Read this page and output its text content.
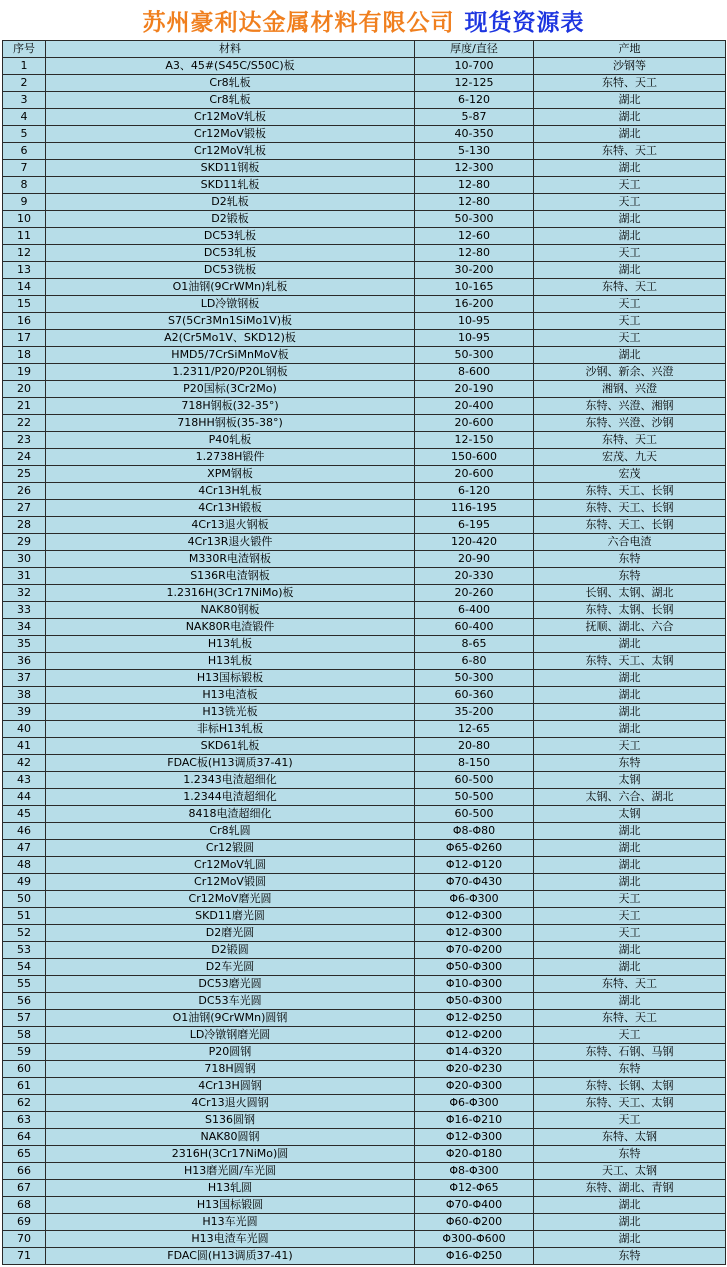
苏州豪利达金属材料有限公司 现货资源表
序号	材料	厚度/直径	产地
1	A3、45#(S45C/S50C)板	10-700	沙钢等
2	Cr8轧板	12-125	东特、天工
3	Cr8轧板	6-120	湖北
4	Cr12MoV轧板	5-87	湖北
5	Cr12MoV锻板	40-350	湖北
6	Cr12MoV轧板	5-130	东特、天工
7	SKD11钢板	12-300	湖北
8	SKD11轧板	12-80	天工
9	D2轧板	12-80	天工
10	D2锻板	50-300	湖北
11	DC53轧板	12-60	湖北
12	DC53轧板	12-80	天工
13	DC53铣板	30-200	湖北
14	O1油钢(9CrWMn)轧板	10-165	东特、天工
15	LD冷镦钢板	16-200	天工
16	S7(5Cr3Mn1SiMo1V)板	10-95	天工
17	A2(Cr5Mo1V、SKD12)板	10-95	天工
18	HMD5/7CrSiMnMoV板	50-300	湖北
19	1.2311/P20/P20L钢板	8-600	沙钢、新余、兴澄
20	P20国标(3Cr2Mo)	20-190	湘钢、兴澄
21	718H钢板(32-35°)	20-400	东特、兴澄、湘钢
22	718HH钢板(35-38°)	20-600	东特、兴澄、沙钢
23	P40轧板	12-150	东特、天工
24	1.2738H锻件	150-600	宏茂、九天
25	XPM钢板	20-600	宏茂
26	4Cr13H轧板	6-120	东特、天工、长钢
27	4Cr13H锻板	116-195	东特、天工、长钢
28	4Cr13退火钢板	6-195	东特、天工、长钢
29	4Cr13R退火锻件	120-420	六合电渣
30	M330R电渣钢板	20-90	东特
31	S136R电渣钢板	20-330	东特
32	1.2316H(3Cr17NiMo)板	20-260	长钢、太钢、湖北
33	NAK80钢板	6-400	东特、太钢、长钢
34	NAK80R电渣锻件	60-400	抚顺、湖北、六合
35	H13轧板	8-65	湖北
36	H13轧板	6-80	东特、天工、太钢
37	H13国标锻板	50-300	湖北
38	H13电渣板	60-360	湖北
39	H13铣光板	35-200	湖北
40	非标H13轧板	12-65	湖北
41	SKD61轧板	20-80	天工
42	FDAC板(H13调质37-41)	8-150	东特
43	1.2343电渣超细化	60-500	太钢
44	1.2344电渣超细化	50-500	太钢、六合、湖北
45	8418电渣超细化	60-500	太钢
46	Cr8轧圆	Φ8-Φ80	湖北
47	Cr12锻圆	Φ65-Φ260	湖北
48	Cr12MoV轧圆	Φ12-Φ120	湖北
49	Cr12MoV锻圆	Φ70-Φ430	湖北
50	Cr12MoV磨光圆	Φ6-Φ300	天工
51	SKD11磨光圆	Φ12-Φ300	天工
52	D2磨光圆	Φ12-Φ300	天工
53	D2锻圆	Φ70-Φ200	湖北
54	D2车光圆	Φ50-Φ300	湖北
55	DC53磨光圆	Φ10-Φ300	东特、天工
56	DC53车光圆	Φ50-Φ300	湖北
57	O1油钢(9CrWMn)圆钢	Φ12-Φ250	东特、天工
58	LD冷镦钢磨光圆	Φ12-Φ200	天工
59	P20圆钢	Φ14-Φ320	东特、石钢、马钢
60	718H圆钢	Φ20-Φ230	东特
61	4Cr13H圆钢	Φ20-Φ300	东特、长钢、太钢
62	4Cr13退火圆钢	Φ6-Φ300	东特、天工、太钢
63	S136圆钢	Φ16-Φ210	天工
64	NAK80圆钢	Φ12-Φ300	东特、太钢
65	2316H(3Cr17NiMo)圆	Φ20-Φ180	东特
66	H13磨光圆/车光圆	Φ8-Φ300	天工、太钢
67	H13轧圆	Φ12-Φ65	东特、湖北、青钢
68	H13国标锻圆	Φ70-Φ400	湖北
69	H13车光圆	Φ60-Φ200	湖北
70	H13电渣车光圆	Φ300-Φ600	湖北
71	FDAC圆(H13调质37-41)	Φ16-Φ250	东特
